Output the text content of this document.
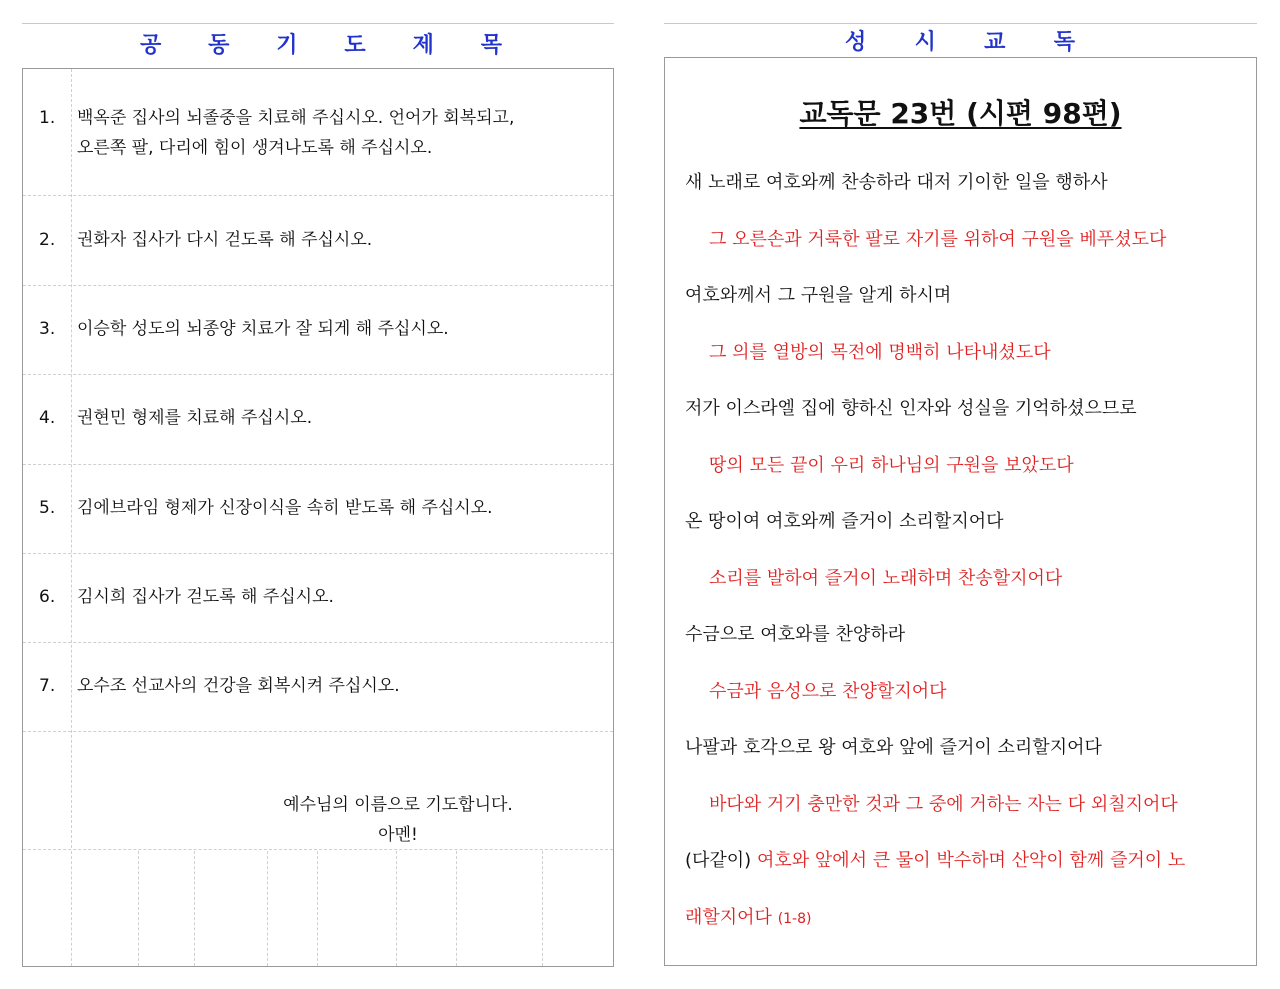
공 동 기 도 제 목
1. 백옥준 집사의 뇌졸중을 치료해 주십시오. 언어가 회복되고,
오른쪽 팔, 다리에 힘이 생겨나도록 해 주십시오.
2. 권화자 집사가 다시 걷도록 해 주십시오.
3. 이승학 성도의 뇌종양 치료가 잘 되게 해 주십시오.
4. 권현민 형제를 치료해 주십시오.
5. 김에브라임 형제가 신장이식을 속히 받도록 해 주십시오.
6. 김시희 집사가 걷도록 해 주십시오.
7. 오수조 선교사의 건강을 회복시켜 주십시오.
예수님의 이름으로 기도합니다.
아멘!
성 시 교 독
교독문 23번 (시편 98편)
새 노래로 여호와께 찬송하라 대저 기이한 일을 행하사
그 오른손과 거룩한 팔로 자기를 위하여 구원을 베푸셨도다
여호와께서 그 구원을 알게 하시며
그 의를 열방의 목전에 명백히 나타내셨도다
저가 이스라엘 집에 향하신 인자와 성실을 기억하셨으므로
땅의 모든 끝이 우리 하나님의 구원을 보았도다
온 땅이여 여호와께 즐거이 소리할지어다
소리를 발하여 즐거이 노래하며 찬송할지어다
수금으로 여호와를 찬양하라
수금과 음성으로 찬양할지어다
나팔과 호각으로 왕 여호와 앞에 즐거이 소리할지어다
바다와 거기 충만한 것과 그 중에 거하는 자는 다 외칠지어다
(다같이) 여호와 앞에서 큰 물이 박수하며 산악이 함께 즐거이 노
래할지어다 (1-8)
